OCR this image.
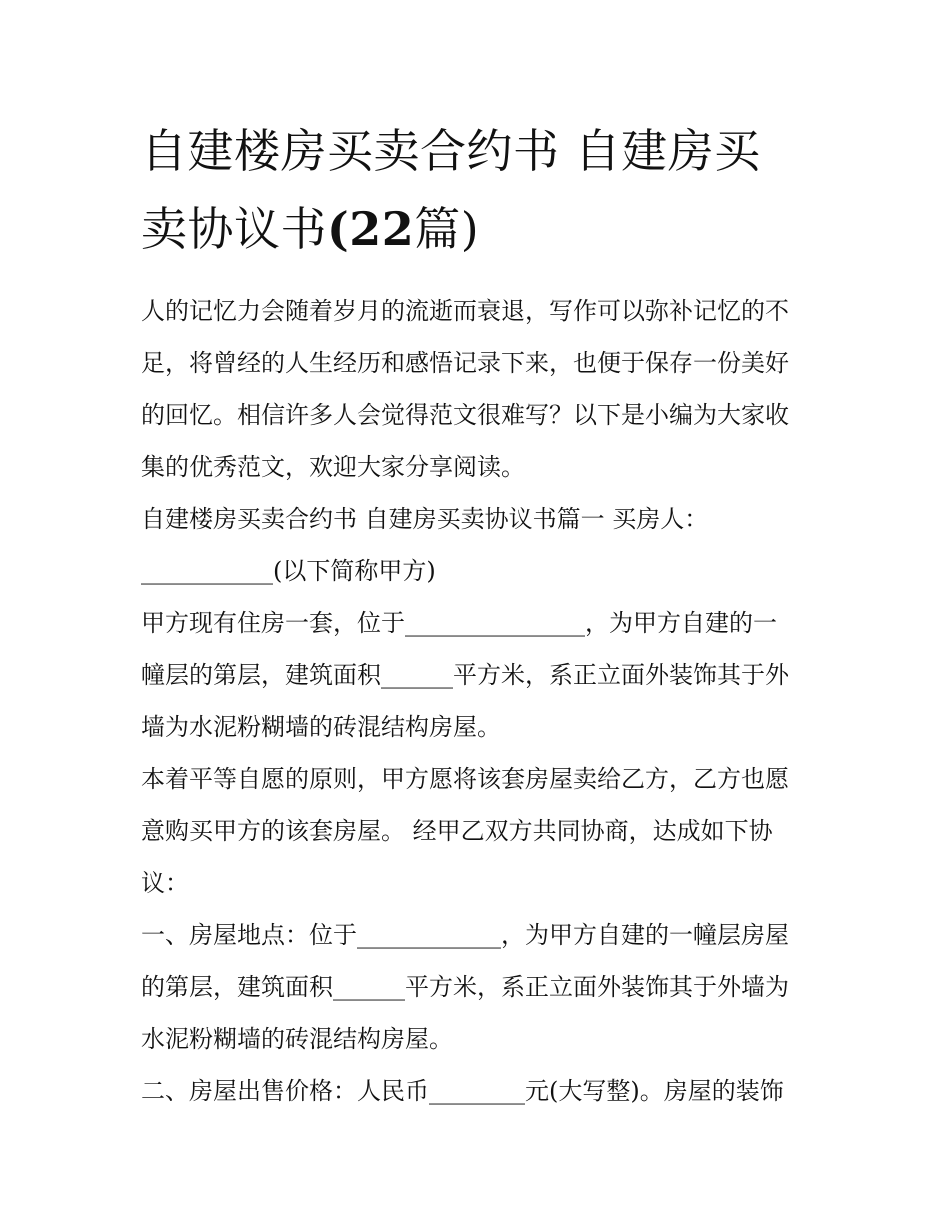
自建楼房买卖合约书 自建房买
卖协议书(22篇)

人的记忆力会随着岁月的流逝而衰退，写作可以弥补记忆的不

足，将曾经的人生经历和感悟记录下来，也便于保存一份美好

的回忆。相信许多人会觉得范文很难写？以下是小编为大家收

集的优秀范文，欢迎大家分享阅读。

自建楼房买卖合约书 自建房买卖协议书篇一 买房人：

___________(以下简称甲方)

甲方现有住房一套，位于_______________，为甲方自建的一

幢层的第层，建筑面积______平方米，系正立面外装饰其于外

墙为水泥粉糊墙的砖混结构房屋。

本着平等自愿的原则，甲方愿将该套房屋卖给乙方，乙方也愿

意购买甲方的该套房屋。 经甲乙双方共同协商，达成如下协

议：

一、房屋地点：位于____________，为甲方自建的一幢层房屋

的第层，建筑面积______平方米，系正立面外装饰其于外墙为

水泥粉糊墙的砖混结构房屋。

二、房屋出售价格：人民币________元(大写整)。房屋的装饰
